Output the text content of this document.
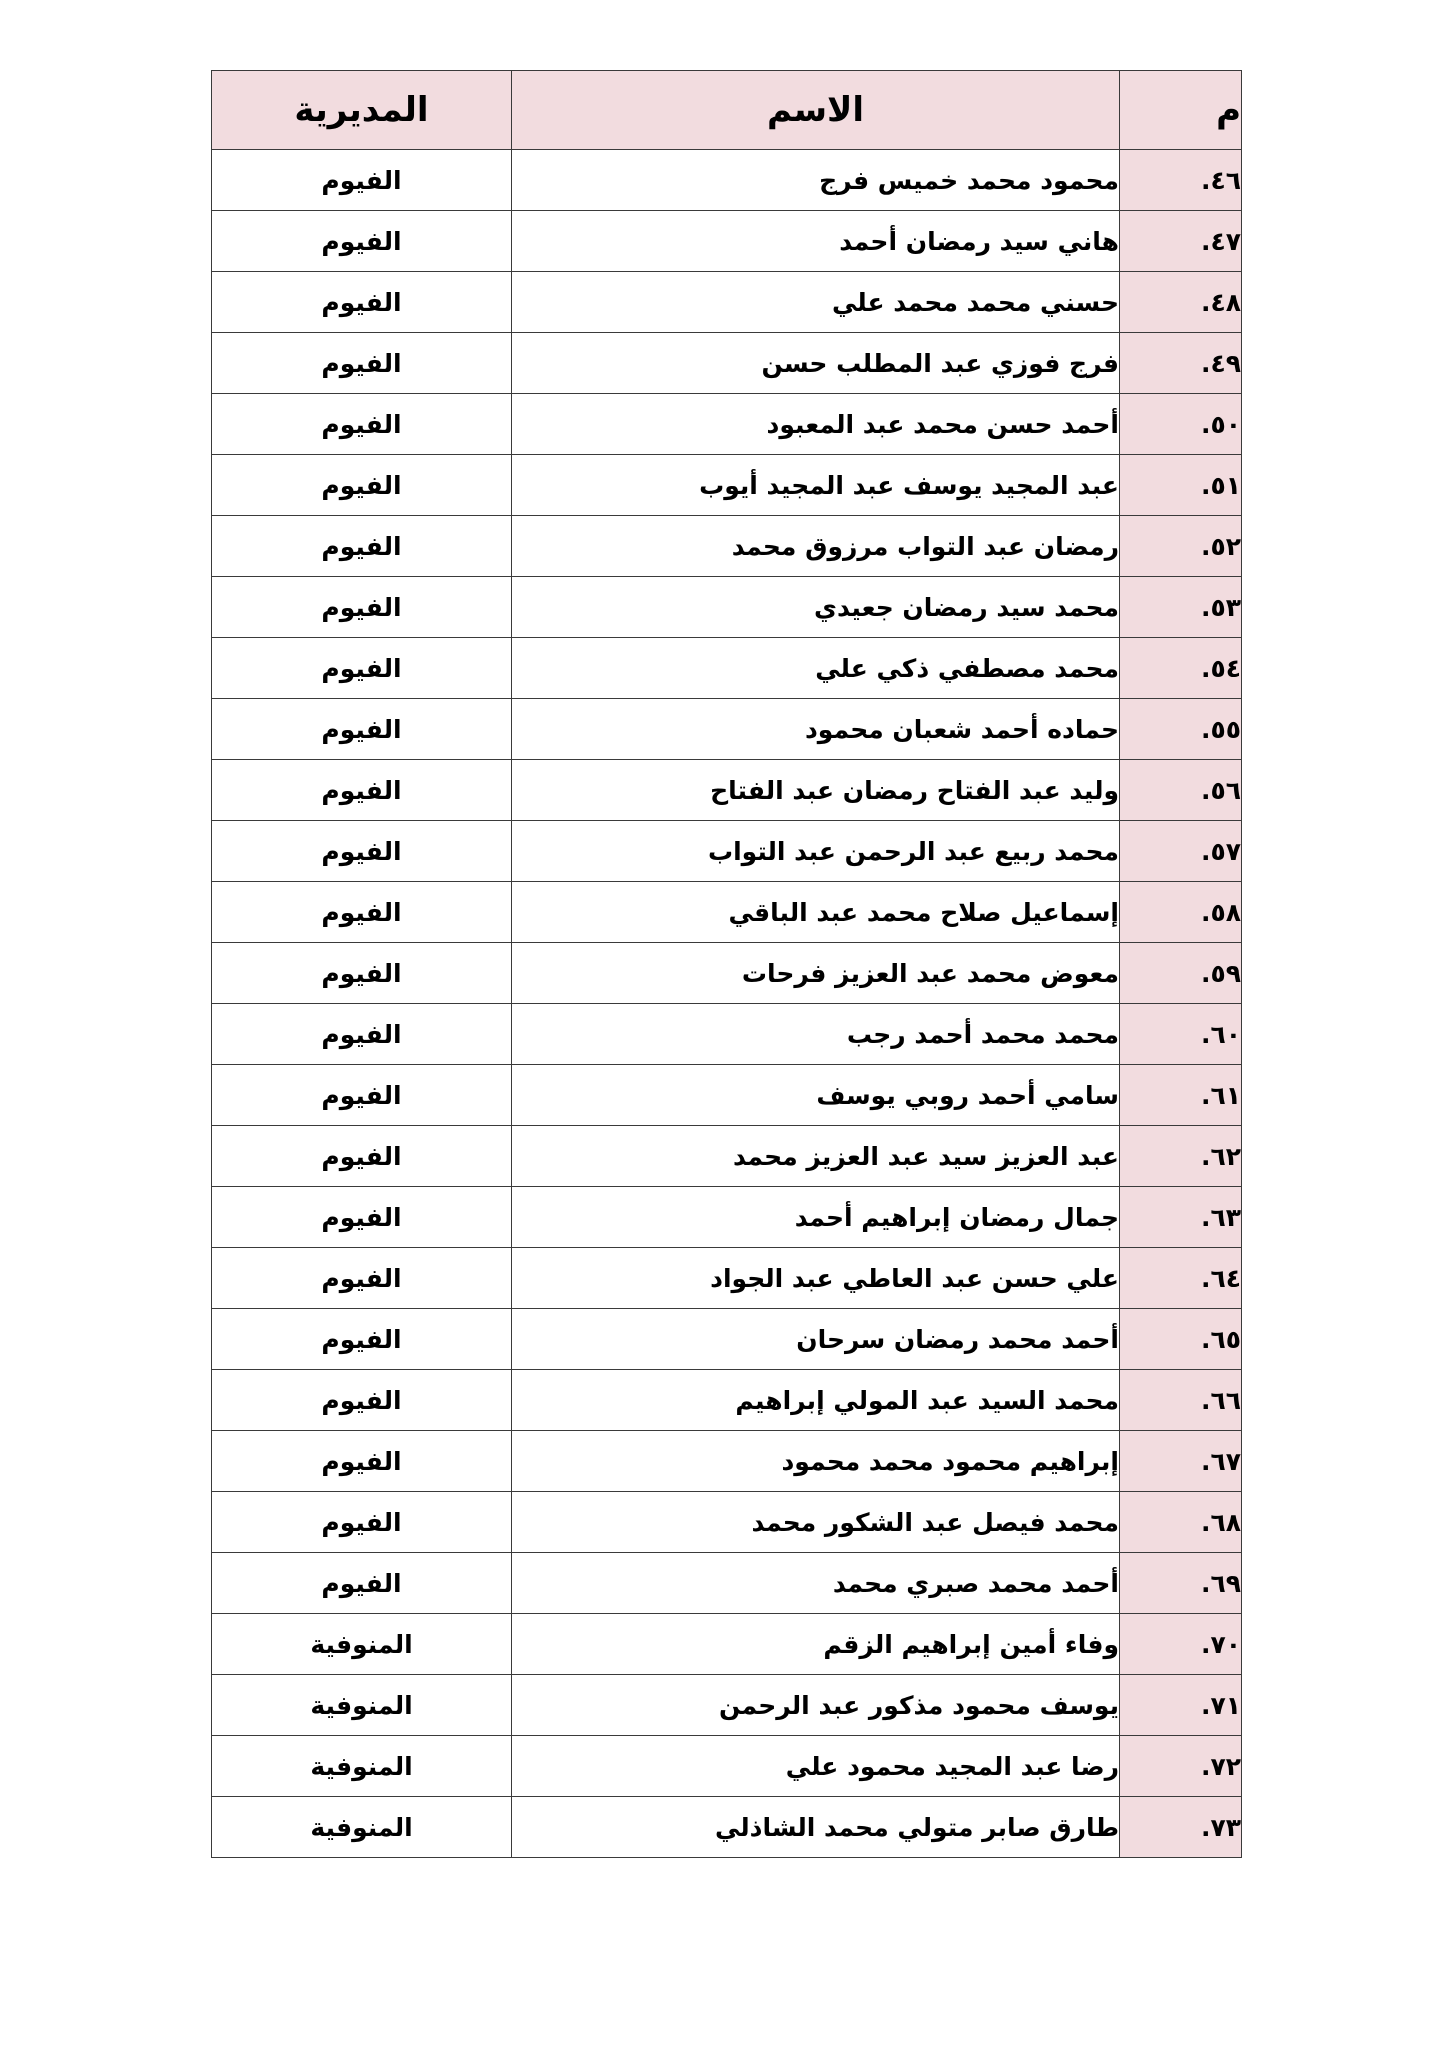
م	الاسم	المديرية
٤٦.	محمود محمد خميس فرج	الفيوم
٤٧.	هاني سيد رمضان أحمد	الفيوم
٤٨.	حسني محمد محمد علي	الفيوم
٤٩.	فرج فوزي عبد المطلب حسن	الفيوم
٥٠.	أحمد حسن محمد عبد المعبود	الفيوم
٥١.	عبد المجيد يوسف عبد المجيد أيوب	الفيوم
٥٢.	رمضان عبد التواب مرزوق محمد	الفيوم
٥٣.	محمد سيد رمضان جعيدي	الفيوم
٥٤.	محمد مصطفي ذكي علي	الفيوم
٥٥.	حماده أحمد شعبان محمود	الفيوم
٥٦.	وليد عبد الفتاح رمضان عبد الفتاح	الفيوم
٥٧.	محمد ربيع عبد الرحمن عبد التواب	الفيوم
٥٨.	إسماعيل صلاح محمد عبد الباقي	الفيوم
٥٩.	معوض محمد عبد العزيز فرحات	الفيوم
٦٠.	محمد محمد أحمد رجب	الفيوم
٦١.	سامي أحمد روبي يوسف	الفيوم
٦٢.	عبد العزيز سيد عبد العزيز محمد	الفيوم
٦٣.	جمال رمضان إبراهيم أحمد	الفيوم
٦٤.	علي حسن عبد العاطي عبد الجواد	الفيوم
٦٥.	أحمد محمد رمضان سرحان	الفيوم
٦٦.	محمد السيد عبد المولي إبراهيم	الفيوم
٦٧.	إبراهيم محمود محمد محمود	الفيوم
٦٨.	محمد فيصل عبد الشكور محمد	الفيوم
٦٩.	أحمد محمد صبري محمد	الفيوم
٧٠.	وفاء أمين إبراهيم الزقم	المنوفية
٧١.	يوسف محمود مذكور عبد الرحمن	المنوفية
٧٢.	رضا عبد المجيد محمود علي	المنوفية
٧٣.	طارق صابر متولي محمد الشاذلي	المنوفية
